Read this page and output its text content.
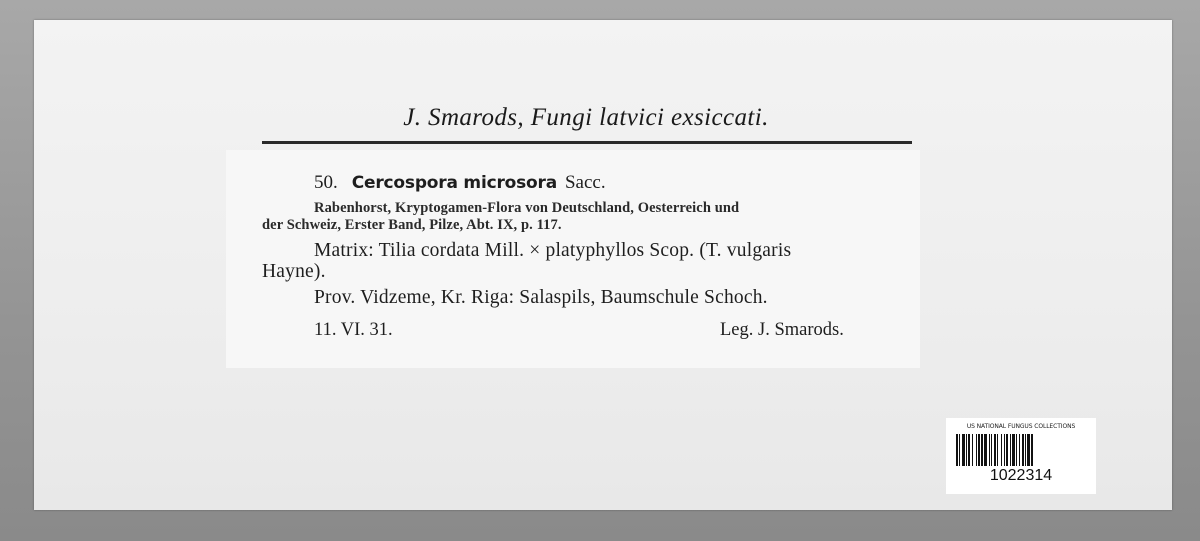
J. Smarods, Fungi latvici exsiccati.
50. Cercospora microsora Sacc.
Rabenhorst, Kryptogamen-Flora von Deutschland, Oesterreich und
der Schweiz, Erster Band, Pilze, Abt. IX, p. 117.
Matrix: Tilia cordata Mill. × platyphyllos Scop. (T. vulgaris
Hayne).
Prov. Vidzeme, Kr. Riga: Salaspils, Baumschule Schoch.
11. VI. 31.	Leg. J. Smarods.
US NATIONAL FUNGUS COLLECTIONS
1022314
